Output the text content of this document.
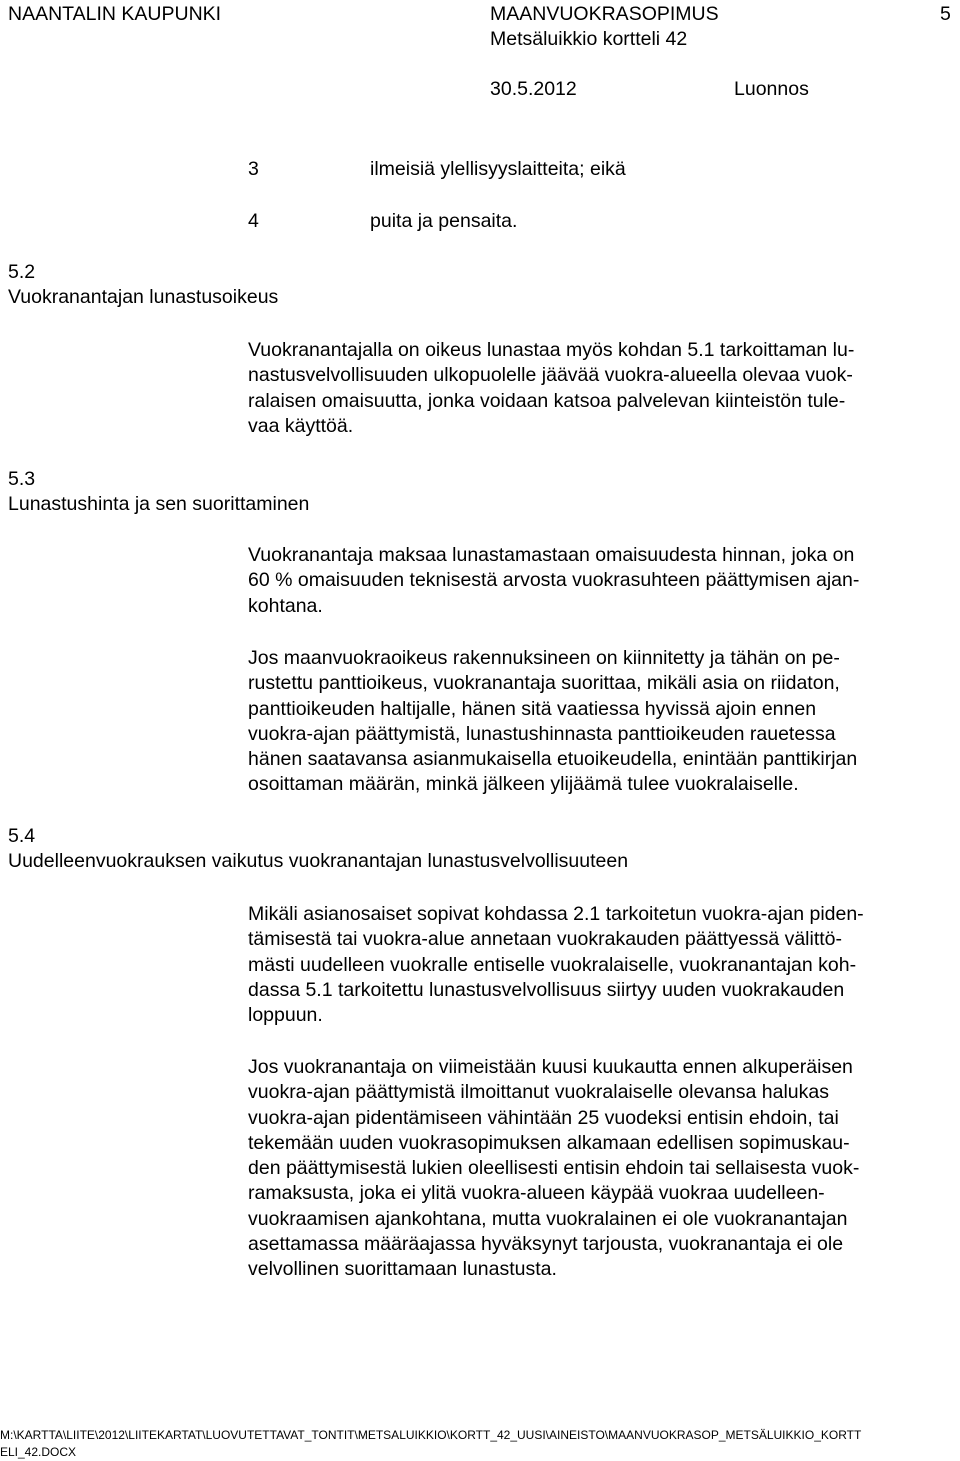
NAANTALIN KAUPUNKI	MAANVUOKRASOPIMUS	5
Metsäluikkio kortteli 42
30.5.2012	Luonnos
3	ilmeisiä ylellisyyslaitteita; eikä
4	puita ja pensaita.
5.2
Vuokranantajan lunastusoikeus
Vuokranantajalla on oikeus lunastaa myös kohdan 5.1 tarkoittaman lu-
nastusvelvollisuuden ulkopuolelle jäävää vuokra-alueella olevaa vuok-
ralaisen omaisuutta, jonka voidaan katsoa palvelevan kiinteistön tule-
vaa käyttöä.
5.3
Lunastushinta ja sen suorittaminen
Vuokranantaja maksaa lunastamastaan omaisuudesta hinnan, joka on
60 % omaisuuden teknisestä arvosta vuokrasuhteen päättymisen ajan-
kohtana.
Jos maanvuokraoikeus rakennuksineen on kiinnitetty ja tähän on pe-
rustettu panttioikeus, vuokranantaja suorittaa, mikäli asia on riidaton,
panttioikeuden haltijalle, hänen sitä vaatiessa hyvissä ajoin ennen
vuokra-ajan päättymistä, lunastushinnasta panttioikeuden rauetessa
hänen saatavansa asianmukaisella etuoikeudella, enintään panttikirjan
osoittaman määrän, minkä jälkeen ylijäämä tulee vuokralaiselle.
5.4
Uudelleenvuokrauksen vaikutus vuokranantajan lunastusvelvollisuuteen
Mikäli asianosaiset sopivat kohdassa 2.1 tarkoitetun vuokra-ajan piden-
tämisestä tai vuokra-alue annetaan vuokrakauden päättyessä välittö-
mästi uudelleen vuokralle entiselle vuokralaiselle, vuokranantajan koh-
dassa 5.1 tarkoitettu lunastusvelvollisuus siirtyy uuden vuokrakauden
loppuun.
Jos vuokranantaja on viimeistään kuusi kuukautta ennen alkuperäisen
vuokra-ajan päättymistä ilmoittanut vuokralaiselle olevansa halukas
vuokra-ajan pidentämiseen vähintään 25 vuodeksi entisin ehdoin, tai
tekemään uuden vuokrasopimuksen alkamaan edellisen sopimuskau-
den päättymisestä lukien oleellisesti entisin ehdoin tai sellaisesta vuok-
ramaksusta, joka ei ylitä vuokra-alueen käypää vuokraa uudelleen-
vuokraamisen ajankohtana, mutta vuokralainen ei ole vuokranantajan
asettamassa määräajassa hyväksynyt tarjousta, vuokranantaja ei ole
velvollinen suorittamaan lunastusta.
M:\KARTTA\LIITE\2012\LIITEKARTAT\LUOVUTETTAVAT_TONTIT\METSALUIKKIO\KORTT_42_UUSI\AINEISTO\MAANVUOKRASOP_METSÄLUIKKIO_KORTT
ELI_42.DOCX
